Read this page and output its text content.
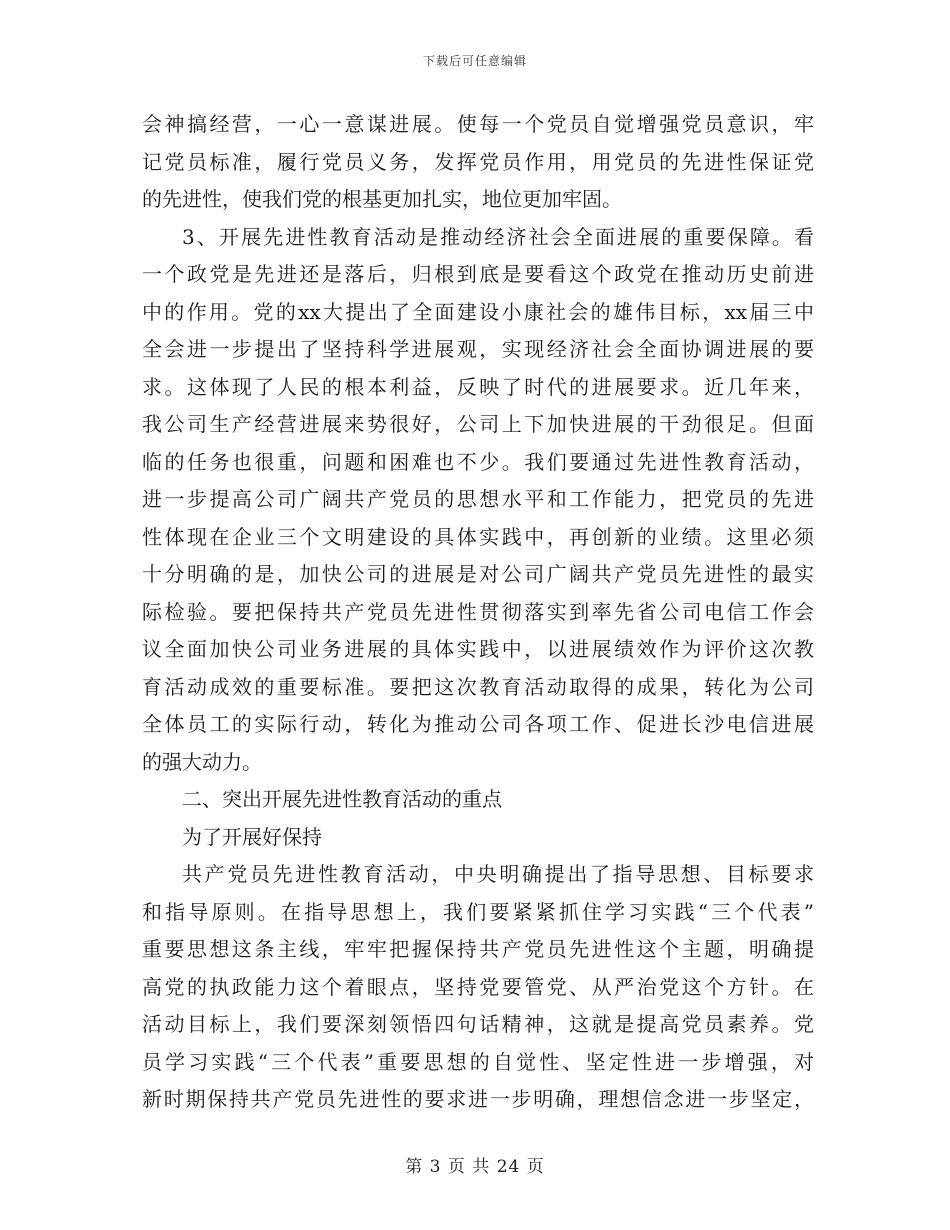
下载后可任意编辑
会神搞经营，一心一意谋进展。使每一个党员自觉增强党员意识，牢
记党员标准，履行党员义务，发挥党员作用，用党员的先进性保证党
的先进性，使我们党的根基更加扎实，地位更加牢固。
3、开展先进性教育活动是推动经济社会全面进展的重要保障。看
一个政党是先进还是落后，归根到底是要看这个政党在推动历史前进
中的作用。党的xx大提出了全面建设小康社会的雄伟目标，xx届三中
全会进一步提出了坚持科学进展观，实现经济社会全面协调进展的要
求。这体现了人民的根本利益，反映了时代的进展要求。近几年来，
我公司生产经营进展来势很好，公司上下加快进展的干劲很足。但面
临的任务也很重，问题和困难也不少。我们要通过先进性教育活动，
进一步提高公司广阔共产党员的思想水平和工作能力，把党员的先进
性体现在企业三个文明建设的具体实践中，再创新的业绩。这里必须
十分明确的是，加快公司的进展是对公司广阔共产党员先进性的最实
际检验。要把保持共产党员先进性贯彻落实到率先省公司电信工作会
议全面加快公司业务进展的具体实践中，以进展绩效作为评价这次教
育活动成效的重要标准。要把这次教育活动取得的成果，转化为公司
全体员工的实际行动，转化为推动公司各项工作、促进长沙电信进展
的强大动力。
二、突出开展先进性教育活动的重点
为了开展好保持
共产党员先进性教育活动，中央明确提出了指导思想、目标要求
和指导原则。在指导思想上，我们要紧紧抓住学习实践“三个代表”
重要思想这条主线，牢牢把握保持共产党员先进性这个主题，明确提
高党的执政能力这个着眼点，坚持党要管党、从严治党这个方针。在
活动目标上，我们要深刻领悟四句话精神，这就是提高党员素养。党
员学习实践“三个代表”重要思想的自觉性、坚定性进一步增强，对
新时期保持共产党员先进性的要求进一步明确，理想信念进一步坚定，
第 3 页 共 24 页
